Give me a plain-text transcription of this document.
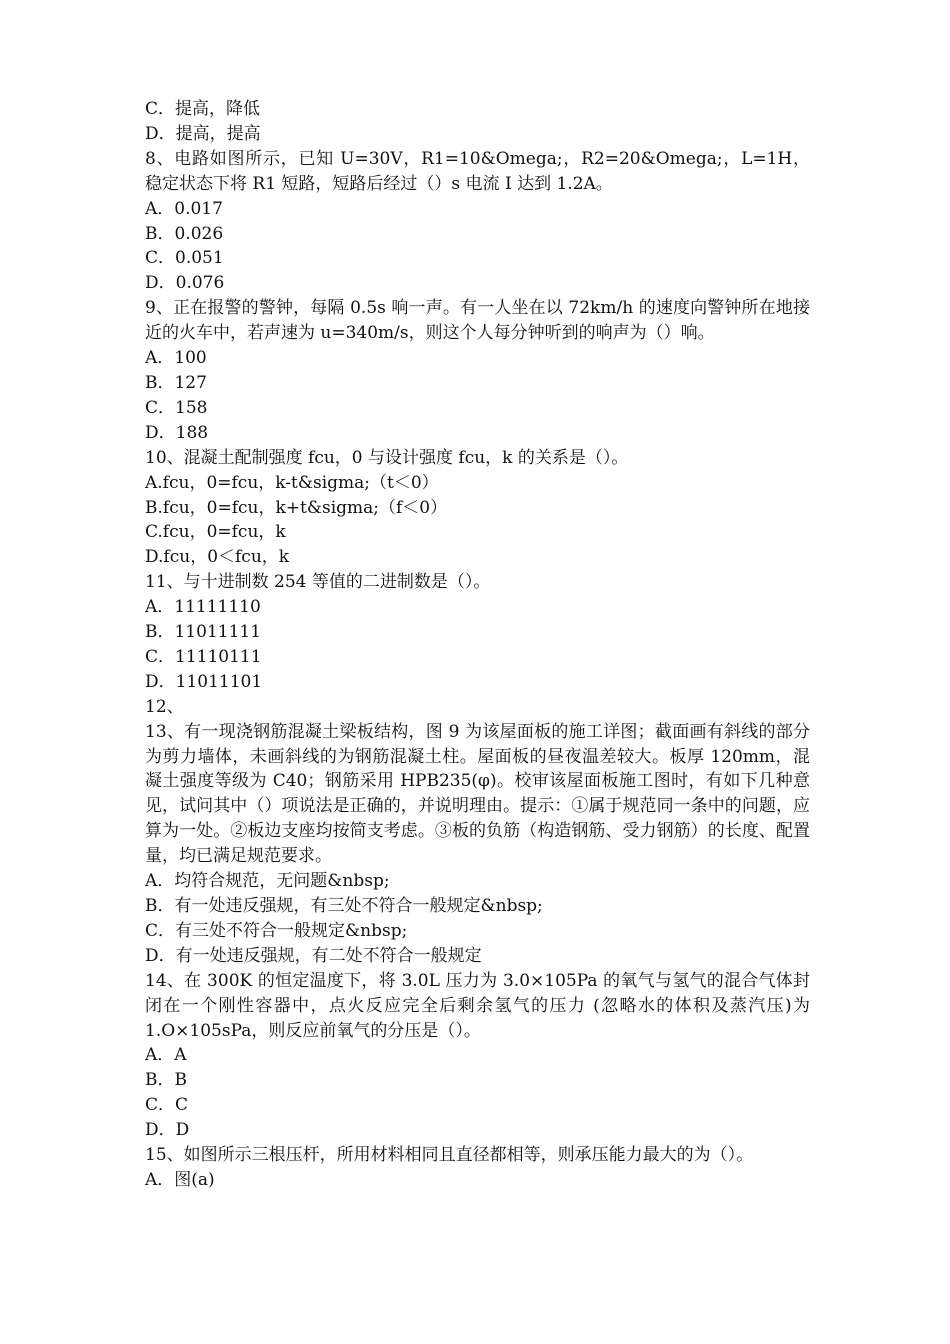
C．提高，降低

D．提高，提高

8、电路如图所示，已知 U=30V，R1=10&Omega;，R2=20&Omega;，L=1H，稳定状态下将 R1 短路，短路后经过（）s 电流 I 达到 1.2A。

A．0.017

B．0.026

C．0.051

D．0.076

9、正在报警的警钟，每隔 0.5s 响一声。有一人坐在以 72km/h 的速度向警钟所在地接近的火车中，若声速为 u=340m/s，则这个人每分钟听到的响声为（）响。

A．100

B．127

C．158

D．188

10、混凝土配制强度 fcu，0 与设计强度 fcu，k 的关系是（）。

A.fcu，0=fcu，k-t&sigma;（t＜0）

B.fcu，0=fcu，k+t&sigma;（f＜0）

C.fcu，0=fcu，k

D.fcu，0＜fcu，k

11、与十进制数 254 等值的二进制数是（）。

A．11111110

B．11011111

C．11110111

D．11011101

12、

13、有一现浇钢筋混凝土梁板结构，图 9 为该屋面板的施工详图；截面画有斜线的部分为剪力墙体，未画斜线的为钢筋混凝土柱。屋面板的昼夜温差较大。板厚 120mm，混凝土强度等级为 C40；钢筋采用 HPB235(φ)。校审该屋面板施工图时，有如下几种意见，试问其中（）项说法是正确的，并说明理由。提示：①属于规范同一条中的问题，应算为一处。②板边支座均按简支考虑。③板的负筋（构造钢筋、受力钢筋）的长度、配置量，均已满足规范要求。

A．均符合规范，无问题&nbsp;

B．有一处违反强规，有三处不符合一般规定&nbsp;

C．有三处不符合一般规定&nbsp;

D．有一处违反强规，有二处不符合一般规定

14、在 300K 的恒定温度下，将 3.0L 压力为 3.0×105Pa 的氧气与氢气的混合气体封闭在一个刚性容器中，点火反应完全后剩余氢气的压力 (忽略水的体积及蒸汽压)为 1.O×105sPa，则反应前氧气的分压是（）。

A．A

B．B

C．C

D．D

15、如图所示三根压杆，所用材料相同且直径都相等，则承压能力最大的为（）。

A．图(a)
